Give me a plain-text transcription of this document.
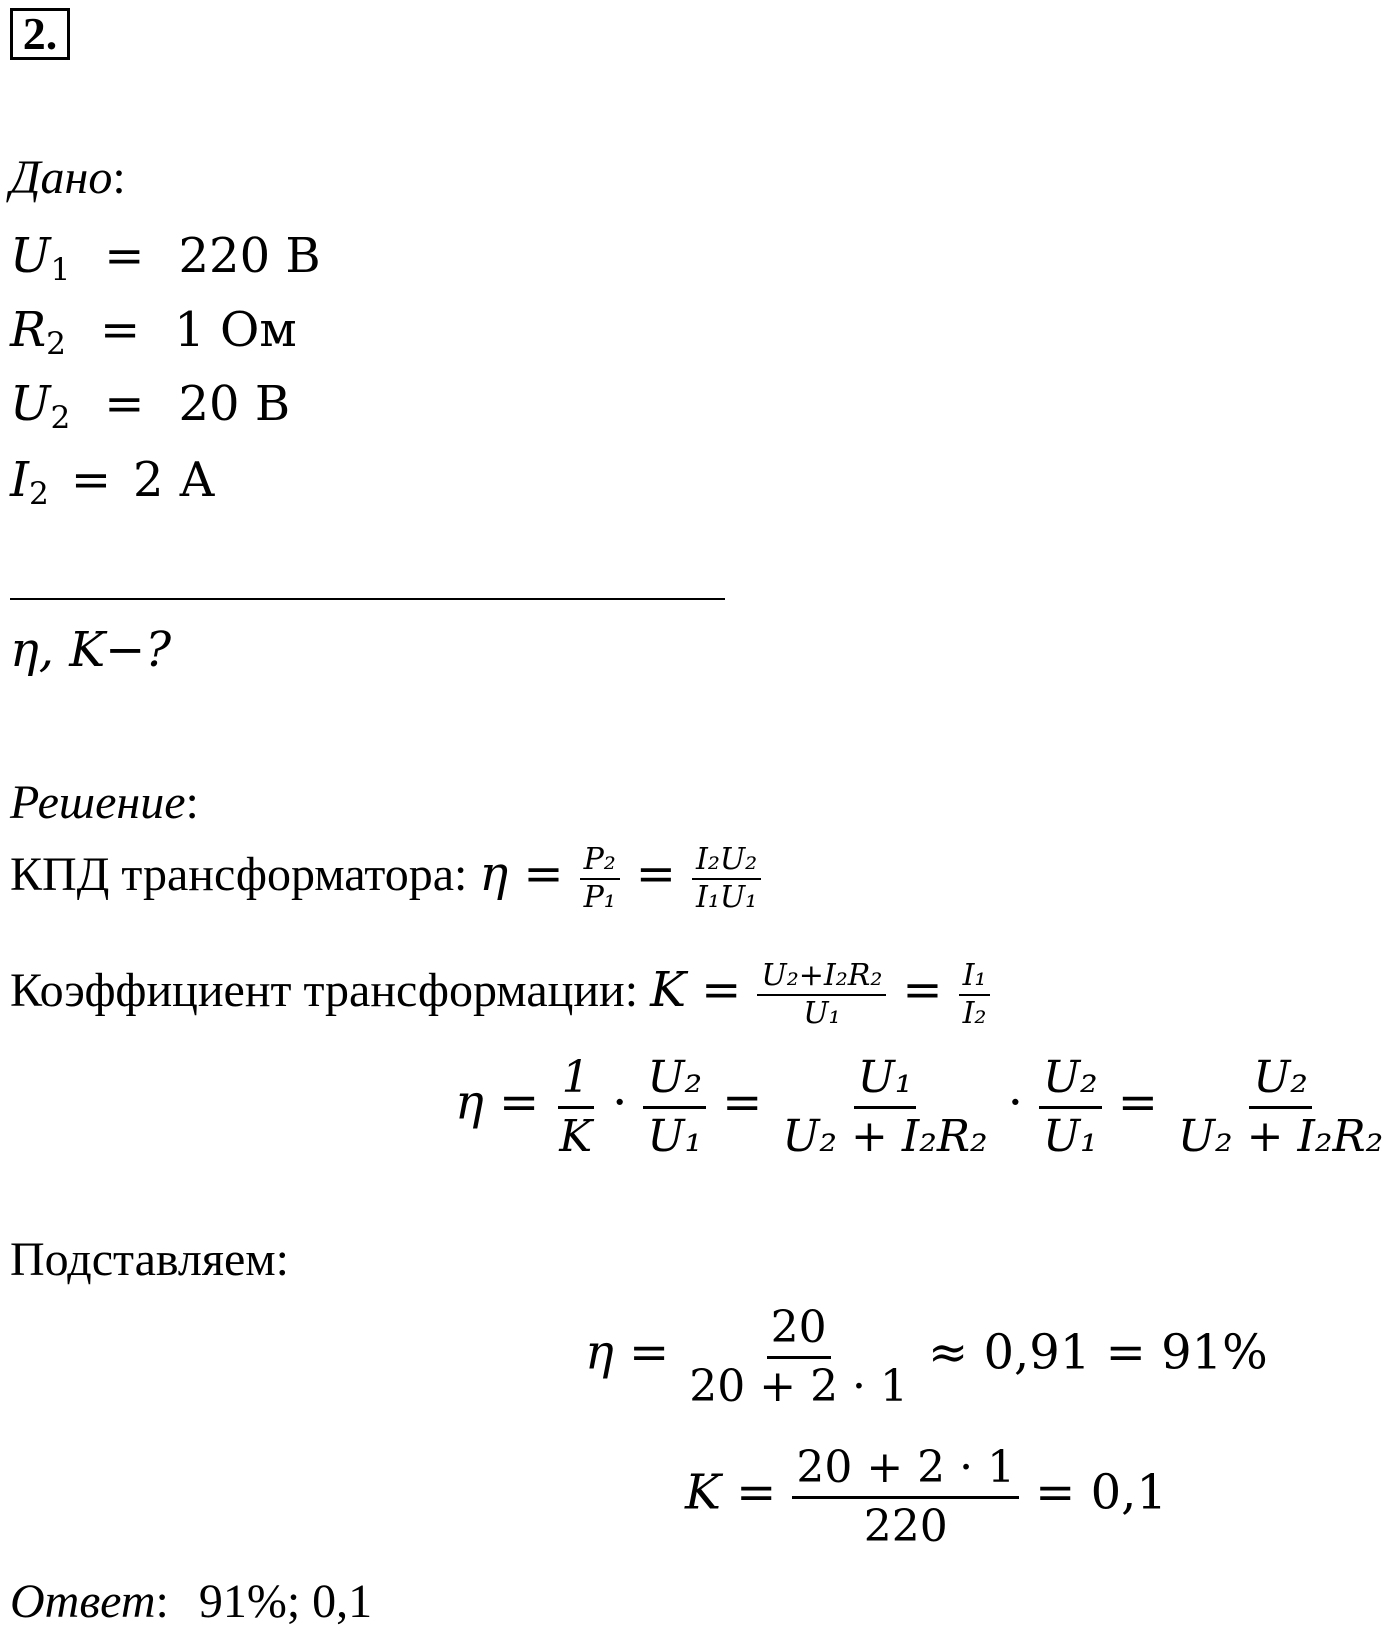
2.
Дано:
$U_1 = 220$ В
$R_2 = 1$ Ом
$U_2 = 20$ В
$I_2 = 2$ А
η, K−?
Решение:
КПД трансформатора: $\eta = \frac{\text{P₂}}{\text{P₁}} = \frac{\text{I₂U₂}}{\text{I₁U₁}}$
Коэффициент трансформации: $K = \frac{\text{U₂+I₂R₂}}{\text{U₁}} = \frac{\text{I₁}}{\text{I₂}}$
$\eta = \frac{1}{K} \cdot \frac{\text{U₂}}{\text{U₁}} = \frac{\text{U₁}}{\text{U₂ + I₂R₂}} \cdot \frac{\text{U₂}}{\text{U₁}} = \frac{\text{U₂}}{\text{U₂ + I₂R₂}}$
Подставляем:
$\eta = \frac{20}{20 + 2 \cdot 1} \approx 0,91 = 91\%$
$K = \frac{20 + 2 \cdot 1}{220} = 0,1$
Ответ: 91%; 0,1
